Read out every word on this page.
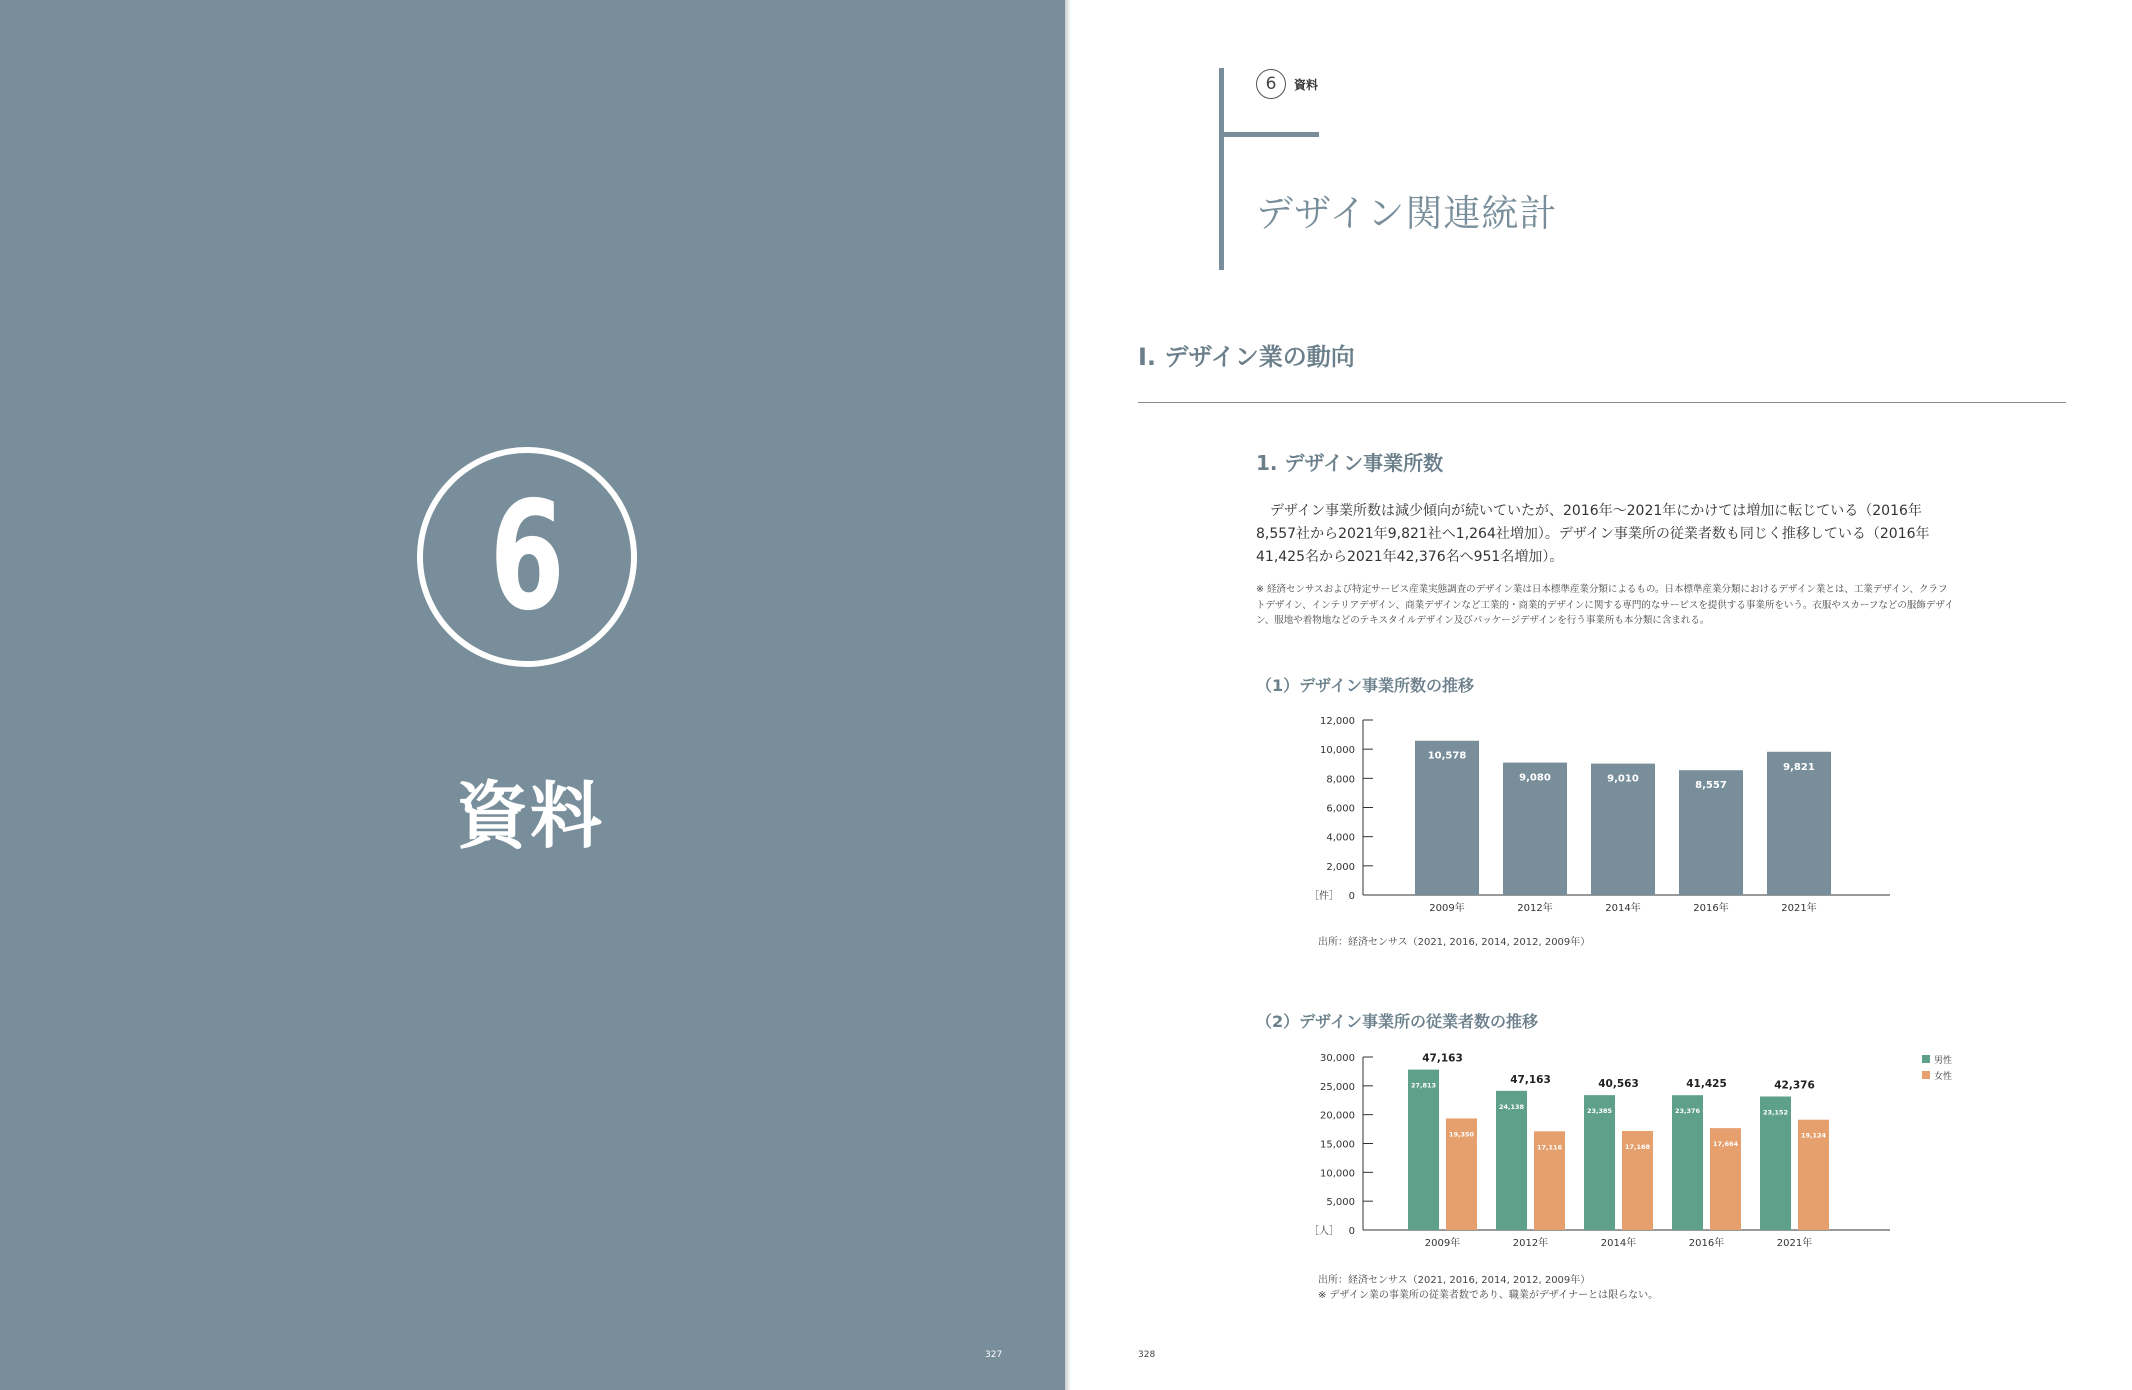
6
資料
327
6 資料
デザイン関連統計
I. デザイン業の動向
1. デザイン事業所数

デザイン事業所数は減少傾向が続いていたが、2016年～2021年にかけては増加に転じている（2016年8,557社から2021年9,821社へ1,264社増加）。デザイン事業所の従業者数も同じく推移している（2016年41,425名から2021年42,376名へ951名増加）。

※ 経済センサスおよび特定サービス産業実態調査のデザイン業は日本標準産業分類によるもの。日本標準産業分類におけるデザイン業とは、工業デザイン、クラフトデザイン、インテリアデザイン、商業デザインなど工業的・商業的デザインに関する専門的なサービスを提供する事業所をいう。衣服やスカーフなどの服飾デザイン、服地や着物地などのテキスタイルデザイン及びパッケージデザインを行う事業所も本分類に含まれる。

（1）デザイン事業所数の推移
0
2,000
4,000
6,000
8,000
10,000
12,000
［件］
10,578
2009年
9,080
2012年
9,010
2014年
8,557
2016年
9,821
2021年
出所：経済センサス（2021, 2016, 2014, 2012, 2009年）
（2）デザイン事業所の従業者数の推移
0
5,000
10,000
15,000
20,000
25,000
30,000
［人］
27,813
19,350
47,163
2009年
24,138
17,116
47,163
2012年
23,385
17,168
40,563
2014年
23,376
17,664
41,425
2016年
23,152
19,124
42,376
2021年
男性
女性
出所：経済センサス（2021, 2016, 2014, 2012, 2009年）
※ デザイン業の事業所の従業者数であり、職業がデザイナーとは限らない。
328
